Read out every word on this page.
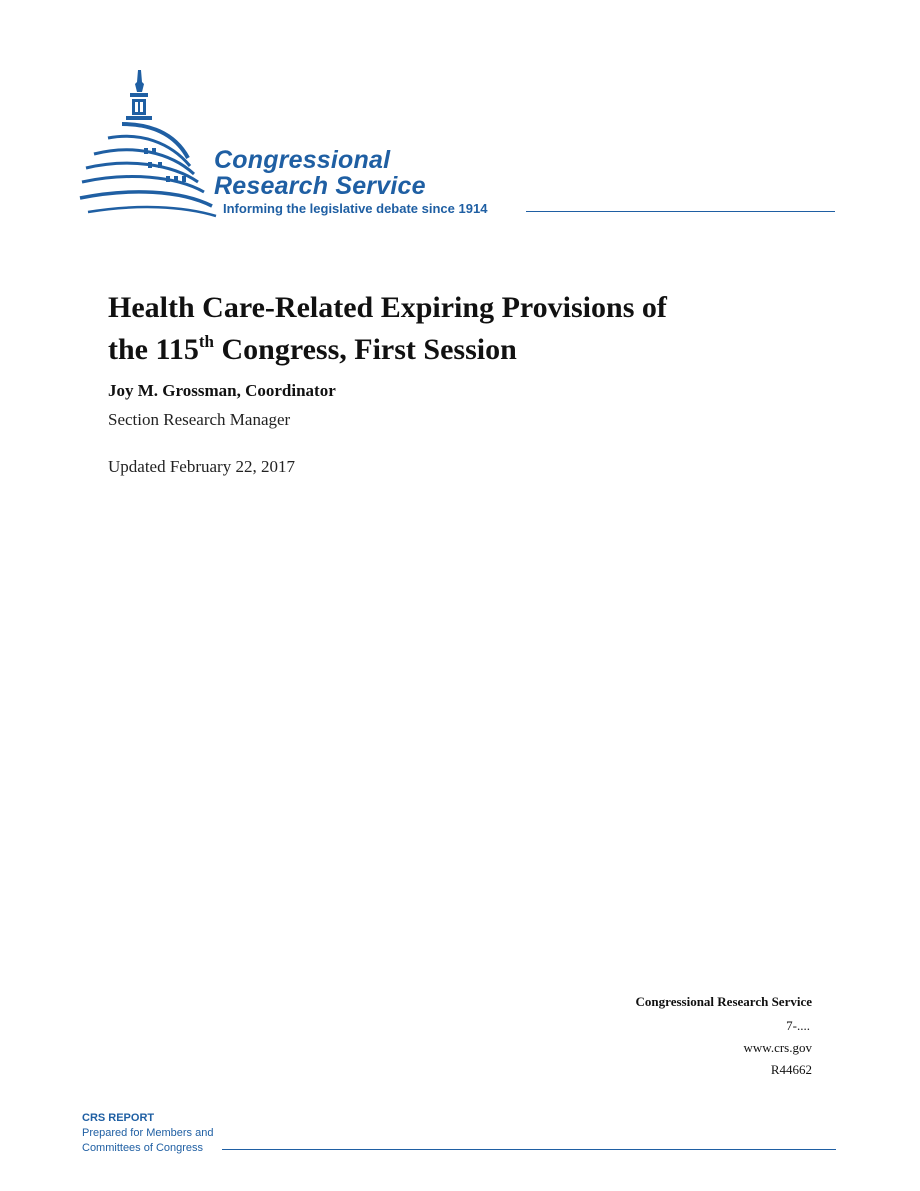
Congressional
Research Service
Informing the legislative debate since 1914
Health Care-Related Expiring Provisions of
the 115th Congress, First Session
Joy M. Grossman, Coordinator
Section Research Manager
Updated February 22, 2017
Congressional Research Service
7-....
www.crs.gov
R44662
CRS REPORT
Prepared for Members and
Committees of Congress
